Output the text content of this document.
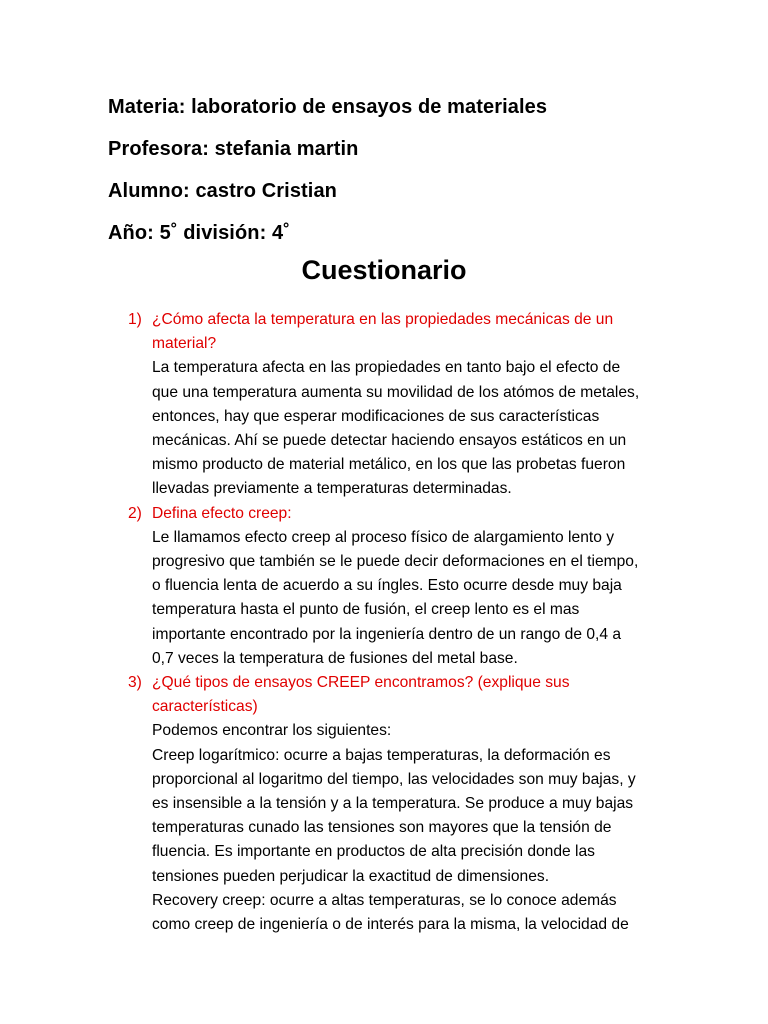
Materia: laboratorio de ensayos de materiales
Profesora: stefania martin
Alumno: castro Cristian
Año: 5˚ división: 4˚
Cuestionario
1) ¿Cómo afecta la temperatura en las propiedades mecánicas de un material?

La temperatura afecta en las propiedades en tanto bajo el efecto de que una temperatura aumenta su movilidad de los atómos de metales, entonces, hay que esperar modificaciones de sus características mecánicas. Ahí se puede detectar haciendo ensayos estáticos en un mismo producto de material metálico, en los que las probetas fueron llevadas previamente a temperaturas determinadas.

2) Defina efecto creep:

Le llamamos efecto creep al proceso físico de alargamiento lento y progresivo que también se le puede decir deformaciones en el tiempo, o fluencia lenta de acuerdo a su íngles. Esto ocurre desde muy baja temperatura hasta el punto de fusión, el creep lento es el mas importante encontrado por la ingeniería dentro de un rango de 0,4 a 0,7 veces la temperatura de fusiones del metal base.

3) ¿Qué tipos de ensayos CREEP encontramos? (explique sus características)

Podemos encontrar los siguientes:

Creep logarítmico: ocurre a bajas temperaturas, la deformación es proporcional al logaritmo del tiempo, las velocidades son muy bajas, y es insensible a la tensión y a la temperatura. Se produce a muy bajas temperaturas cunado las tensiones son mayores que la tensión de fluencia. Es importante en productos de alta precisión donde las tensiones pueden perjudicar la exactitud de dimensiones.

Recovery creep: ocurre a altas temperaturas, se lo conoce además como creep de ingeniería o de interés para la misma, la velocidad de
